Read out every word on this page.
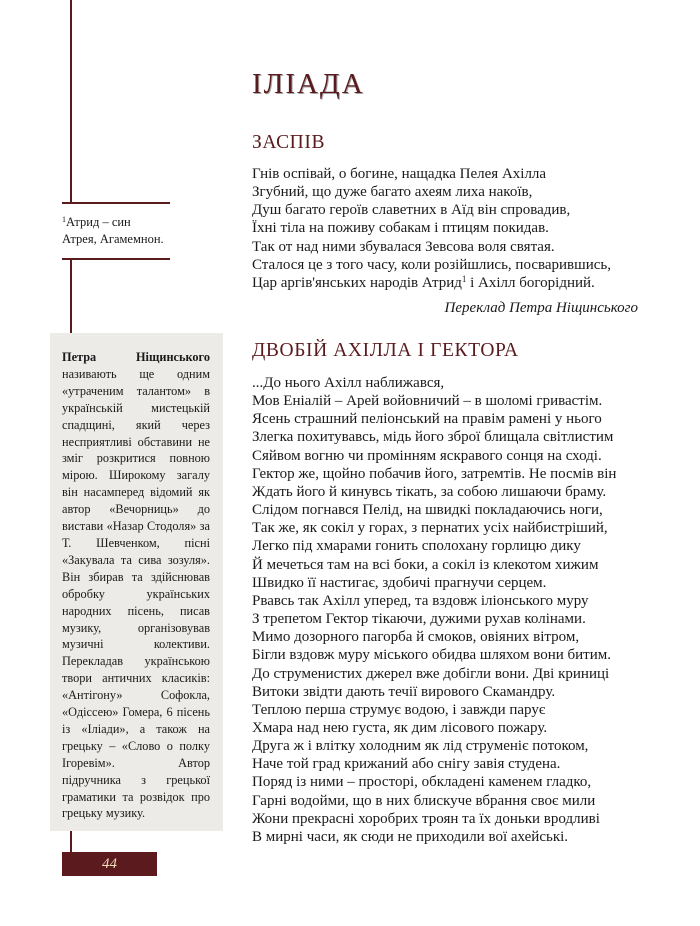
$^1$Атрид – син Атрея, Агамемнон.
Петра Ніщинського називають ще одним «утраченим талантом» в українській мистецькій спадщині, який через несприятливі обставини не зміг розкритися повною мірою. Широкому загалу він насамперед відомий як автор «Вечорниць» до вистави «Назар Стодоля» за Т. Шевченком, пісні «Закувала та сива зозуля». Він збирав та здійснював обробку українських народних пісень, писав музику, організовував музичні колективи. Перекладав українською твори античних класиків: «Антігону» Софокла, «Одіссею» Гомера, 6 пісень із «Іліади», а також на грецьку – «Слово о полку Ігоревім». Автор підручника з грецької граматики та розвідок про грецьку музику.
44
ІЛІАДА
ЗАСПІВ
Гнів оспівай, о богине, нащадка Пелея Ахілла
Згубний, що дуже багато ахеям лиха накоїв,
Душ багато героїв славетних в Аїд він спровадив,
Їхні тіла на поживу собакам і птицям покидав.
Так от над ними збувалася Зевсова воля святая.
Сталося це з того часу, коли розійшлись, посварившись,
Цар аргів'янських народів Атрид$^1$ і Ахілл богорідний.
Переклад Петра Ніщинського
ДВОБІЙ АХІЛЛА І ГЕКТОРА
...До нього Ахілл наближався,
Мов Еніалій – Арей войовничий – в шоломі гривастім.
Ясень страшний пеліонський на правім рамені у нього
Злегка похитувавсь, мідь його зброї блищала світлистим
Сяйвом вогню чи промінням яскравого сонця на сході.
Гектор же, щойно побачив його, затремтів. Не посмів він
Ждать його й кинувсь тікать, за собою лишаючи браму.
Слідом погнався Пелід, на швидкі покладаючись ноги,
Так же, як сокіл у горах, з пернатих усіх найбистріший,
Легко під хмарами гонить сполохану горлицю дику
Й мечеться там на всі боки, а сокіл із клекотом хижим
Швидко її настигає, здобичі прагнучи серцем.
Рвавсь так Ахілл уперед, та вздовж іліонського муру
З трепетом Гектор тікаючи, дужими рухав колінами.
Мимо дозорного пагорба й смоков, овіяних вітром,
Бігли вздовж муру міського обидва шляхом вони битим.
До струменистих джерел вже добігли вони. Дві криниці
Витоки звідти дають течії вирового Скамандру.
Теплою перша струмує водою, і завжди парує
Хмара над нею густа, як дим лісового пожару.
Друга ж і влітку холодним як лід струменіє потоком,
Наче той град крижаний або снігу завія студена.
Поряд із ними – просторі, обкладені каменем гладко,
Гарні водойми, що в них блискуче вбрання своє мили
Жони прекрасні хоробрих троян та їх доньки вродливі
В мирні часи, як сюди не приходили вої ахейські.
